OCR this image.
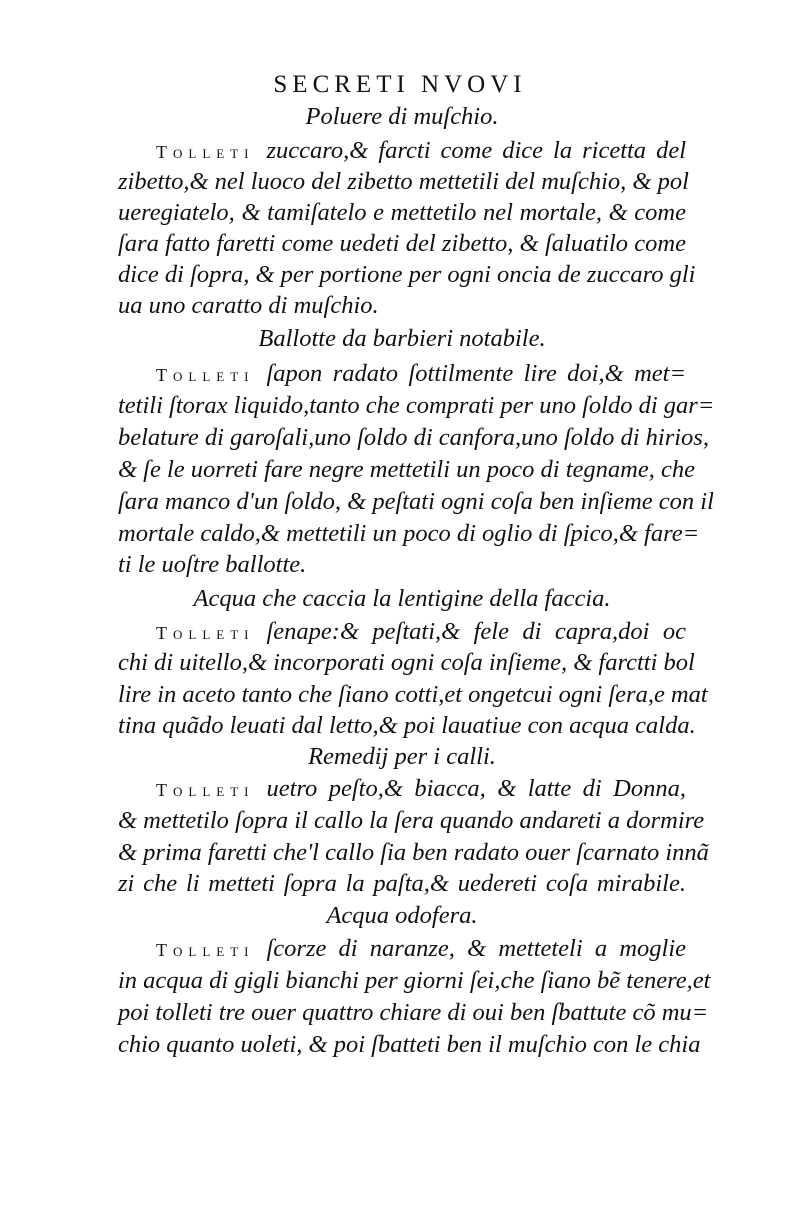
SECRETI NVOVI
Poluere di muſchio.
Tolleti zuccaro,& farcti come dice la ricetta del
zibetto,& nel luoco del zibetto mettetili del muſchio, & pol
ueregiatelo, & tamiſatelo e mettetilo nel mortale, & come
ſara fatto faretti come uedeti del zibetto, & ſaluatilo come
dice di ſopra, & per portione per ogni oncia de zuccaro gli
ua uno caratto di muſchio.
Ballotte da barbieri notabile.
Tolleti ſapon radato ſottilmente lire doi,& met=
tetili ſtorax liquido,tanto che comprati per uno ſoldo di gar=
belature di garoſali,uno ſoldo di canfora,uno ſoldo di hirios,
& ſe le uorreti fare negre mettetili un poco di tegname, che
ſara manco d'un ſoldo, & peſtati ogni coſa ben inſieme con il
mortale caldo,& mettetili un poco di oglio di ſpico,& fare=
ti le uoſtre ballotte.
Acqua che caccia la lentigine della faccia.
Tolleti ſenape:& peſtati,& fele di capra,doi oc
chi di uitello,& incorporati ogni coſa inſieme, & farctti bol
lire in aceto tanto che ſiano cotti,et ongetcui ogni ſera,e mat
tina quãdo leuati dal letto,& poi lauatiue con acqua calda.
Remedij per i calli.
Tolleti uetro peſto,& biacca, & latte di Donna,
& mettetilo ſopra il callo la ſera quando andareti a dormire
& prima faretti che'l callo ſia ben radato ouer ſcarnato innã
zi che li metteti ſopra la paſta,& uedereti coſa mirabile.
Acqua odofera.
Tolleti ſcorze di naranze, & metteteli a moglie
in acqua di gigli bianchi per giorni ſei,che ſiano bẽ tenere,et
poi tolleti tre ouer quattro chiare di oui ben ſbattute cõ mu=
chio quanto uoleti, & poi ſbatteti ben il muſchio con le chia
